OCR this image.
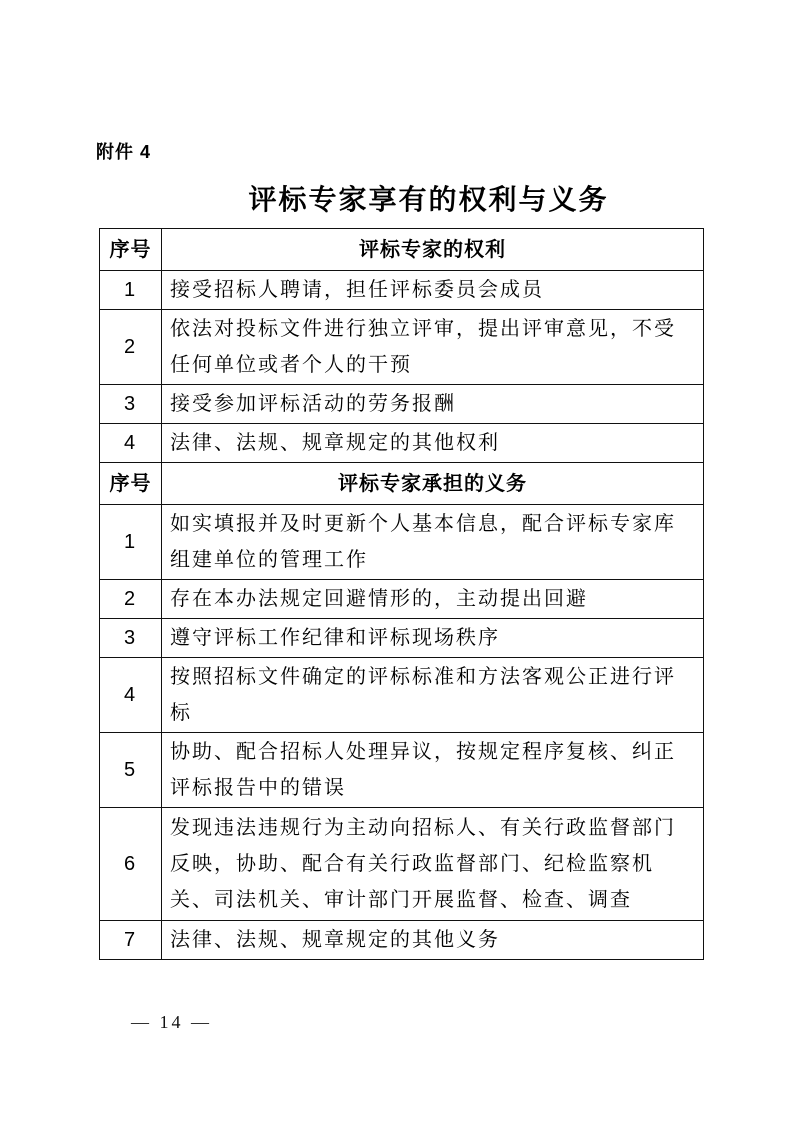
附件 4
评标专家享有的权利与义务
序号	评标专家的权利
1	接受招标人聘请，担任评标委员会成员
2	依法对投标文件进行独立评审，提出评审意见，不受任何单位或者个人的干预
3	接受参加评标活动的劳务报酬
4	法律、法规、规章规定的其他权利
序号	评标专家承担的义务
1	如实填报并及时更新个人基本信息，配合评标专家库组建单位的管理工作
2	存在本办法规定回避情形的，主动提出回避
3	遵守评标工作纪律和评标现场秩序
4	按照招标文件确定的评标标准和方法客观公正进行评标
5	协助、配合招标人处理异议，按规定程序复核、纠正评标报告中的错误
6	发现违法违规行为主动向招标人、有关行政监督部门反映，协助、配合有关行政监督部门、纪检监察机关、司法机关、审计部门开展监督、检查、调查
7	法律、法规、规章规定的其他义务
— 14 —
